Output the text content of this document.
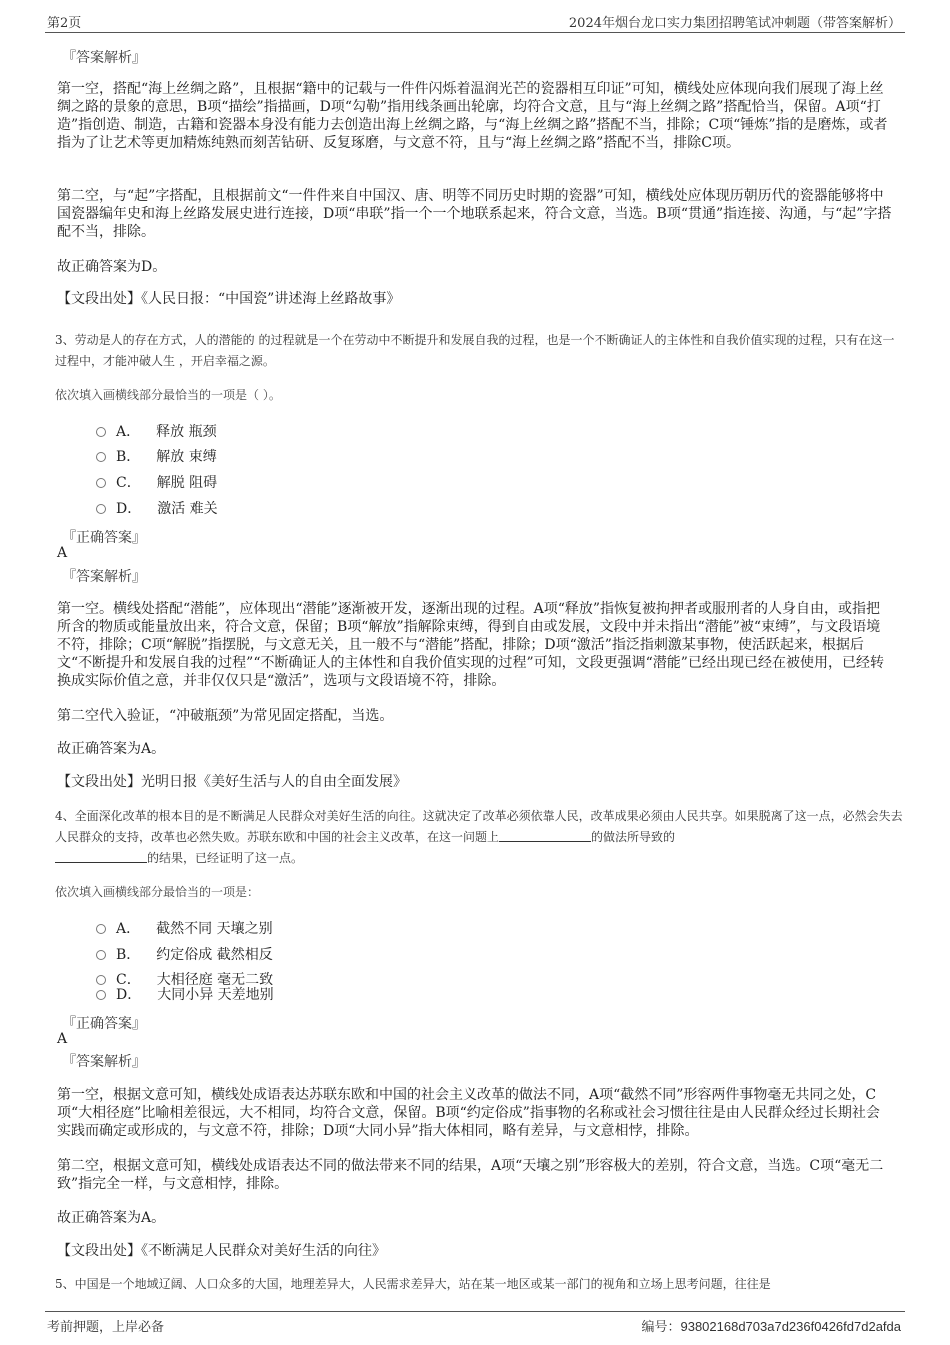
第2页	2024年烟台龙口实力集团招聘笔试冲刺题（带答案解析）
『答案解析』
第一空，搭配“海上丝绸之路”，且根据“籍中的记载与一件件闪烁着温润光芒的瓷器相互印证”可知，横线处应体现向我们展现了海上丝绸之路的景象的意思，B项“描绘”指描画，D项“勾勒”指用线条画出轮廓，均符合文意，且与“海上丝绸之路”搭配恰当，保留。A项“打造”指创造、制造，古籍和瓷器本身没有能力去创造出海上丝绸之路，与“海上丝绸之路”搭配不当，排除；C项“锤炼”指的是磨炼，或者指为了让艺术等更加精炼纯熟而刻苦钻研、反复琢磨，与文意不符，且与“海上丝绸之路”搭配不当，排除C项。
第二空，与“起”字搭配，且根据前文“一件件来自中国汉、唐、明等不同历史时期的瓷器”可知，横线处应体现历朝历代的瓷器能够将中国瓷器编年史和海上丝路发展史进行连接，D项“串联”指一个一个地联系起来，符合文意，当选。B项“贯通”指连接、沟通，与“起”字搭配不当，排除。
故正确答案为D。
【文段出处】《人民日报：“中国瓷”讲述海上丝路故事》
3、劳动是人的存在方式，人的潜能的 的过程就是一个在劳动中不断提升和发展自我的过程，也是一个不断确证人的主体性和自我价值实现的过程，只有在这一过程中，才能冲破人生 ，开启幸福之源。
依次填入画横线部分最恰当的一项是（ ）。
A． 释放 瓶颈
B． 解放 束缚
C． 解脱 阻碍
D． 激活 难关
『正确答案』
A
『答案解析』
第一空。横线处搭配“潜能”，应体现出“潜能”逐渐被开发，逐渐出现的过程。A项“释放”指恢复被拘押者或服刑者的人身自由，或指把所含的物质或能量放出来，符合文意，保留；B项“解放”指解除束缚，得到自由或发展，文段中并未指出“潜能”被“束缚”，与文段语境不符，排除；C项“解脱”指摆脱，与文意无关，且一般不与“潜能”搭配，排除；D项“激活”指泛指刺激某事物，使活跃起来，根据后文“不断提升和发展自我的过程”“不断确证人的主体性和自我价值实现的过程”可知，文段更强调“潜能”已经出现已经在被使用，已经转换成实际价值之意，并非仅仅只是“激活”，选项与文段语境不符，排除。
第二空代入验证，“冲破瓶颈”为常见固定搭配，当选。
故正确答案为A。
【文段出处】光明日报《美好生活与人的自由全面发展》
4、全面深化改革的根本目的是不断满足人民群众对美好生活的向往。这就决定了改革必须依靠人民，改革成果必须由人民共享。如果脱离了这一点，必然会失去人民群众的支持，改革也必然失败。苏联东欧和中国的社会主义改革，在这一问题上	的做法所导致的
的结果，已经证明了这一点。
依次填入画横线部分最恰当的一项是：
A． 截然不同 天壤之别
B． 约定俗成 截然相反
C． 大相径庭 毫无二致
D． 大同小异 天差地别
『正确答案』
A
『答案解析』
第一空，根据文意可知，横线处成语表达苏联东欧和中国的社会主义改革的做法不同，A项“截然不同”形容两件事物毫无共同之处，C项“大相径庭”比喻相差很远，大不相同，均符合文意，保留。B项“约定俗成”指事物的名称或社会习惯往往是由人民群众经过长期社会实践而确定或形成的，与文意不符，排除；D项“大同小异”指大体相同，略有差异，与文意相悖，排除。
第二空，根据文意可知，横线处成语表达不同的做法带来不同的结果，A项“天壤之别”形容极大的差别，符合文意，当选。C项“毫无二致”指完全一样，与文意相悖，排除。
故正确答案为A。
【文段出处】《不断满足人民群众对美好生活的向往》
5、中国是一个地域辽阔、人口众多的大国，地理差异大，人民需求差异大，站在某一地区或某一部门的视角和立场上思考问题，往往是
考前押题，上岸必备	编号：93802168d703a7d236f0426fd7d2afda
